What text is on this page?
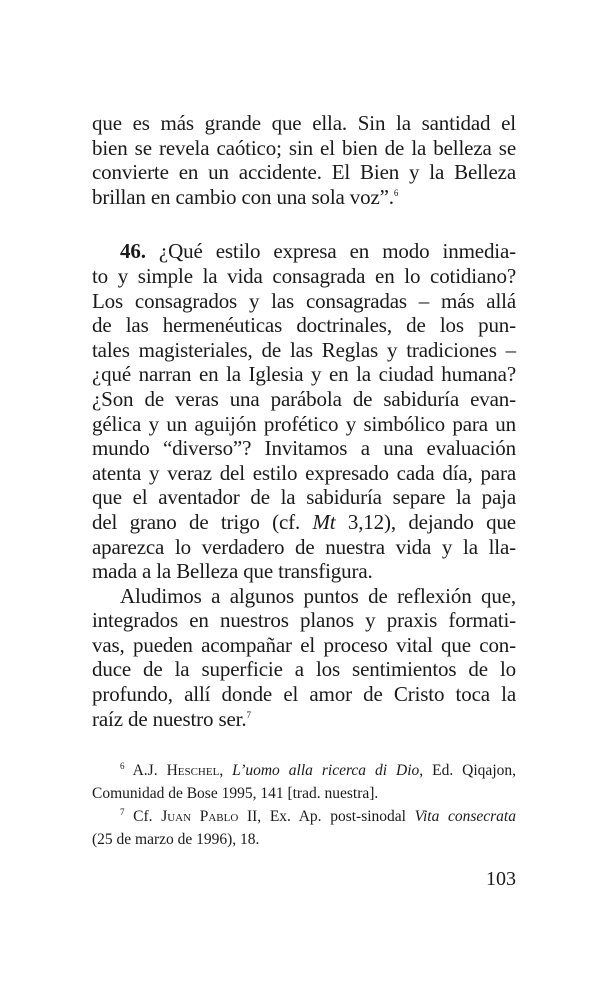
que es más grande que ella. Sin la santidad el
bien se revela caótico; sin el bien de la belleza se
convierte en un accidente. El Bien y la Belleza
brillan en cambio con una sola voz”.$^6$
46. ¿Qué estilo expresa en modo inmedia-
to y simple la vida consagrada en lo cotidiano?
Los consagrados y las consagradas – más allá
de las hermenéuticas doctrinales, de los pun-
tales magisteriales, de las Reglas y tradiciones –
¿qué narran en la Iglesia y en la ciudad humana?
¿Son de veras una parábola de sabiduría evan-
gélica y un aguijón profético y simbólico para un
mundo “diverso”? Invitamos a una evaluación
atenta y veraz del estilo expresado cada día, para
que el aventador de la sabiduría separe la paja
del grano de trigo (cf. Mt 3,12), dejando que
aparezca lo verdadero de nuestra vida y la lla-
mada a la Belleza que transfigura.
Aludimos a algunos puntos de reflexión que,
integrados en nuestros planos y praxis formati-
vas, pueden acompañar el proceso vital que con-
duce de la superficie a los sentimientos de lo
profundo, allí donde el amor de Cristo toca la
raíz de nuestro ser.$^7$
$^6$ A.J. Heschel, L’uomo alla ricerca di Dio, Ed. Qiqajon,
Comunidad de Bose 1995, 141 [trad. nuestra].
$^7$ Cf. Juan Pablo II, Ex. Ap. post-sinodal Vita consecrata
(25 de marzo de 1996), 18.
103
